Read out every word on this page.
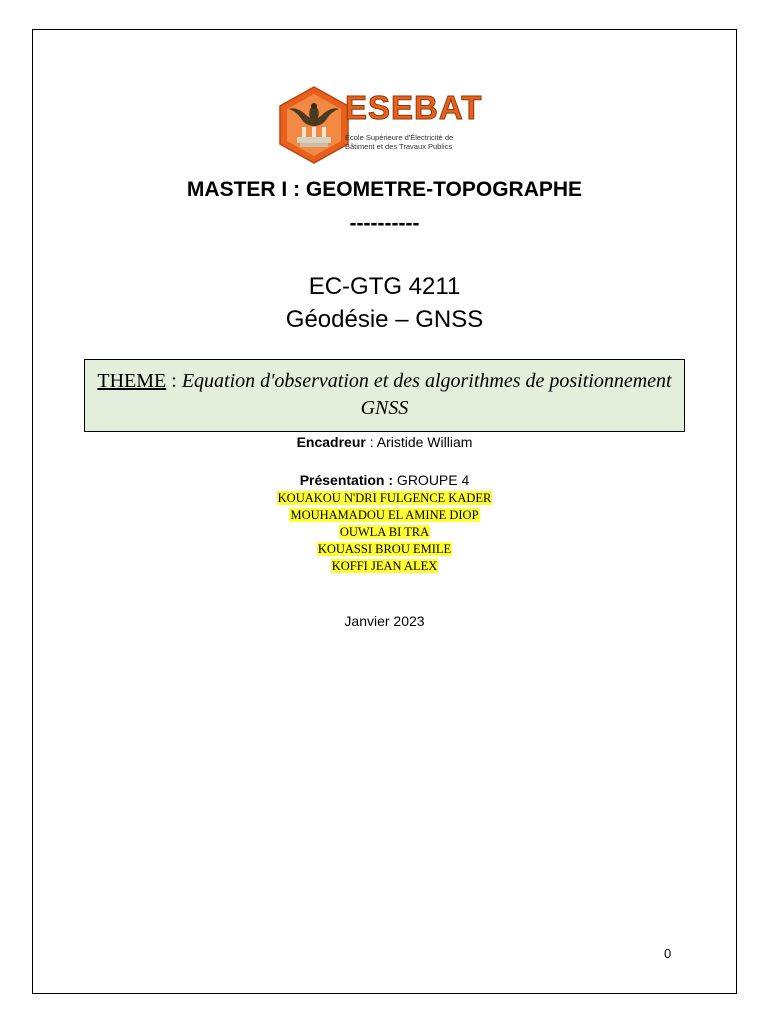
ESEBAT
École Supérieure d'Électricité de
Bâtiment et des Travaux Publics
MASTER I : GEOMETRE-TOPOGRAPHE
----------
EC-GTG 4211
Géodésie – GNSS
THEME : Equation d'observation et des algorithmes de positionnement GNSS
Encadreur : Aristide William
Présentation : GROUPE 4
KOUAKOU N'DRI FULGENCE KADER
MOUHAMADOU EL AMINE DIOP
OUWLA BI TRA
KOUASSI BROU EMILE
KOFFI JEAN ALEX
Janvier 2023
0
